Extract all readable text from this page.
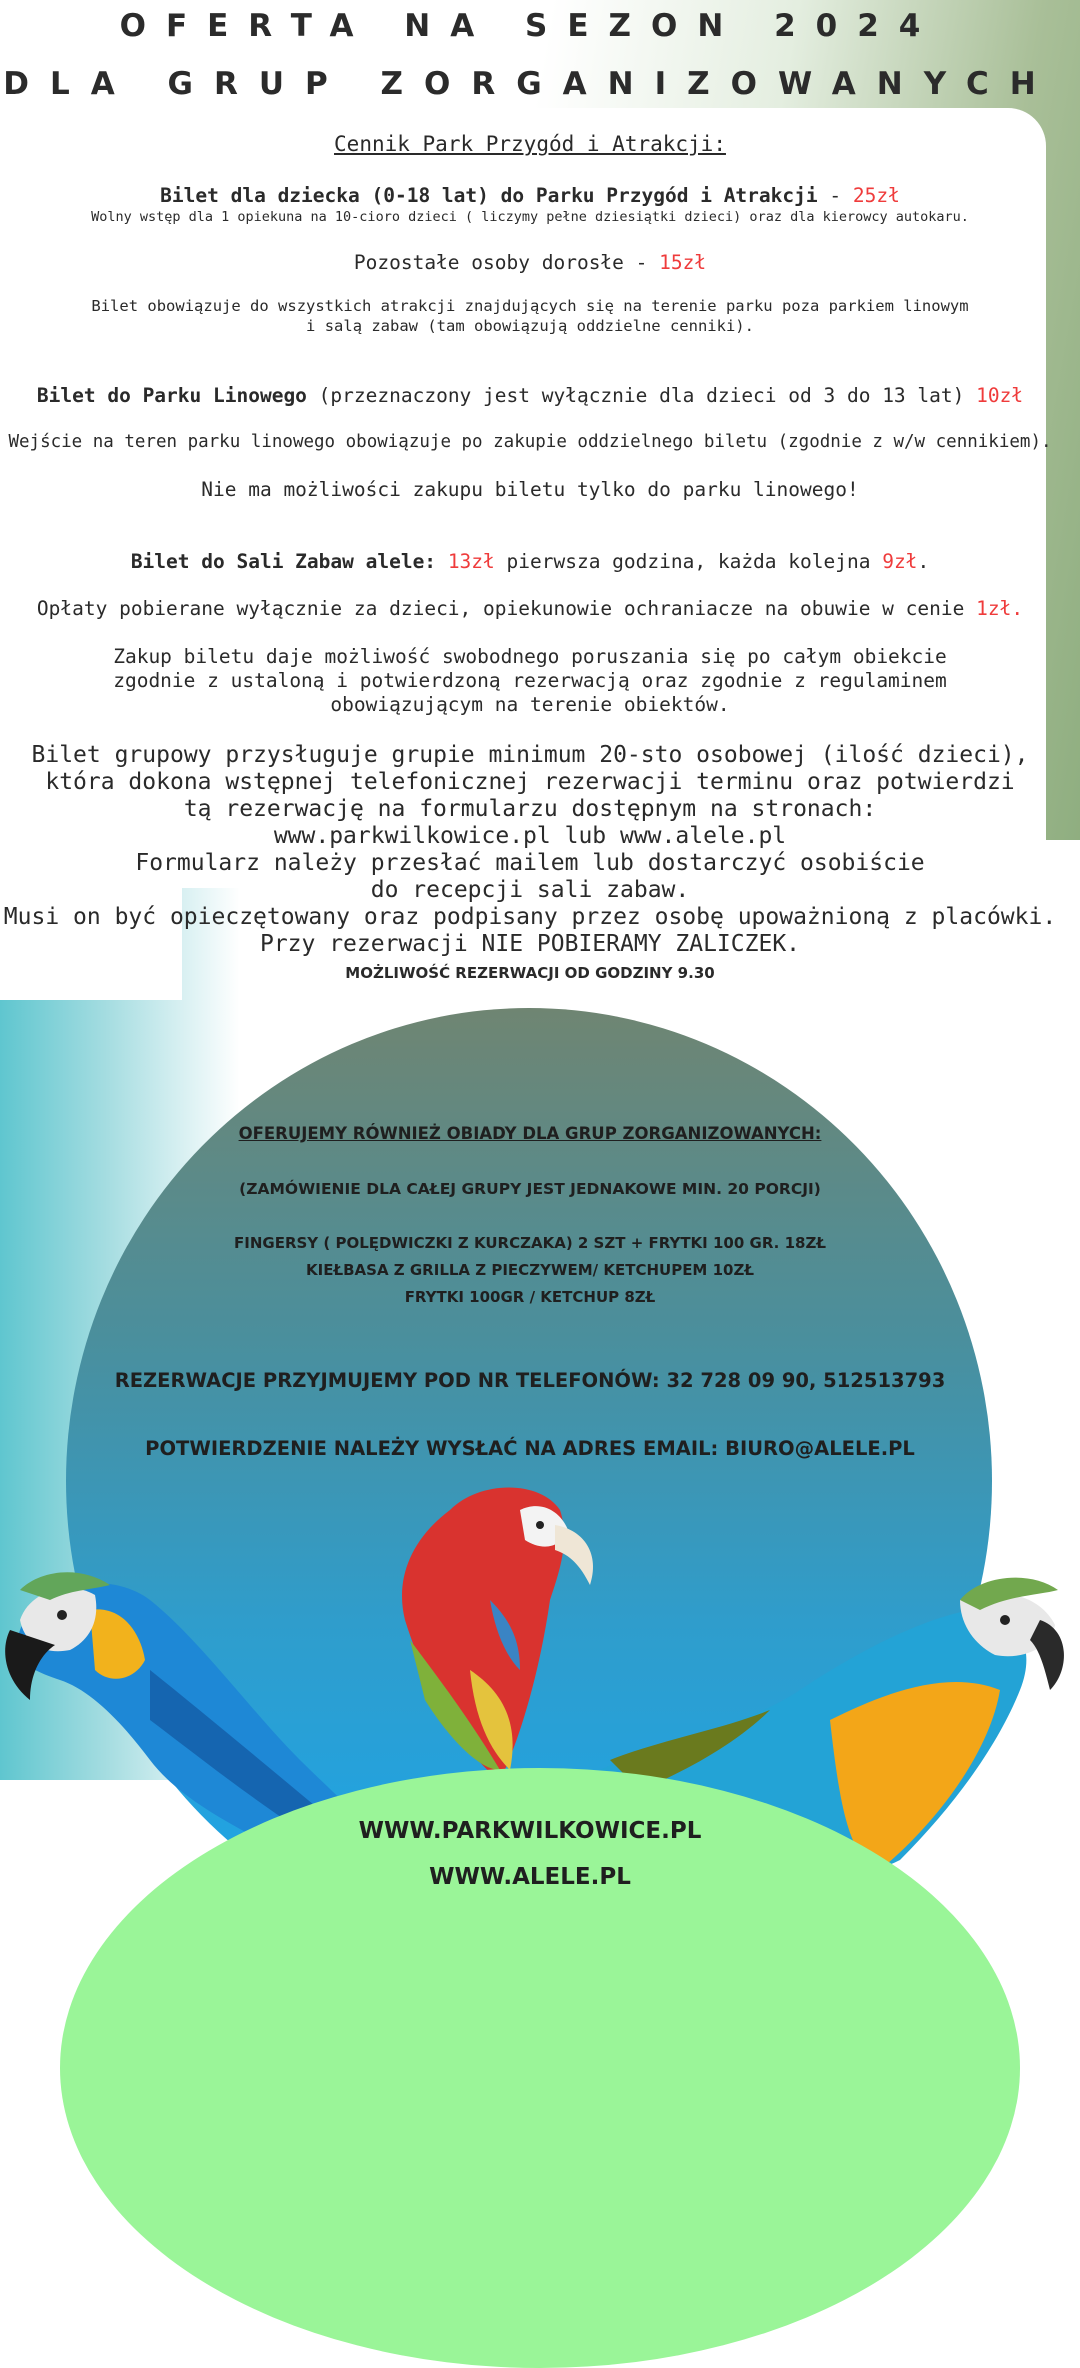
OFERTA NA SEZON 2024
DLA GRUP ZORGANIZOWANYCH
Cennik Park Przygód i Atrakcji:
Bilet dla dziecka (0-18 lat) do Parku Przygód i Atrakcji - 25zł
Wolny wstęp dla 1 opiekuna na 10-cioro dzieci ( liczymy pełne dziesiątki dzieci) oraz dla kierowcy autokaru.
Pozostałe osoby dorosłe - 15zł
Bilet obowiązuje do wszystkich atrakcji znajdujących się na terenie parku poza parkiem linowym
i salą zabaw (tam obowiązują oddzielne cenniki).
Bilet do Parku Linowego (przeznaczony jest wyłącznie dla dzieci od 3 do 13 lat) 10zł
Wejście na teren parku linowego obowiązuje po zakupie oddzielnego biletu (zgodnie z w/w cennikiem).
Nie ma możliwości zakupu biletu tylko do parku linowego!
Bilet do Sali Zabaw alele: 13zł pierwsza godzina, każda kolejna 9zł.
Opłaty pobierane wyłącznie za dzieci, opiekunowie ochraniacze na obuwie w cenie 1zł.
Zakup biletu daje możliwość swobodnego poruszania się po całym obiekcie
zgodnie z ustaloną i potwierdzoną rezerwacją oraz zgodnie z regulaminem
obowiązującym na terenie obiektów.
Bilet grupowy przysługuje grupie minimum 20-sto osobowej (ilość dzieci),
która dokona wstępnej telefonicznej rezerwacji terminu oraz potwierdzi
tą rezerwację na formularzu dostępnym na stronach:
www.parkwilkowice.pl lub www.alele.pl
Formularz należy przesłać mailem lub dostarczyć osobiście
do recepcji sali zabaw.
Musi on być opieczętowany oraz podpisany przez osobę upoważnioną z placówki.
Przy rezerwacji NIE POBIERAMY ZALICZEK.
MOŻLIWOŚĆ REZERWACJI OD GODZINY 9.30
OFERUJEMY RÓWNIEŻ OBIADY DLA GRUP ZORGANIZOWANYCH:
(ZAMÓWIENIE DLA CAŁEJ GRUPY JEST JEDNAKOWE MIN. 20 PORCJI)
FINGERSY ( POLĘDWICZKI Z KURCZAKA) 2 SZT + FRYTKI 100 GR. 18ZŁ
KIEŁBASA Z GRILLA Z PIECZYWEM/ KETCHUPEM 10ZŁ
FRYTKI 100GR / KETCHUP 8ZŁ
REZERWACJE PRZYJMUJEMY POD NR TELEFONÓW: 32 728 09 90, 512513793
POTWIERDZENIE NALEŻY WYSŁAĆ NA ADRES EMAIL: BIURO@ALELE.PL
WWW.PARKWILKOWICE.PL
WWW.ALELE.PL
